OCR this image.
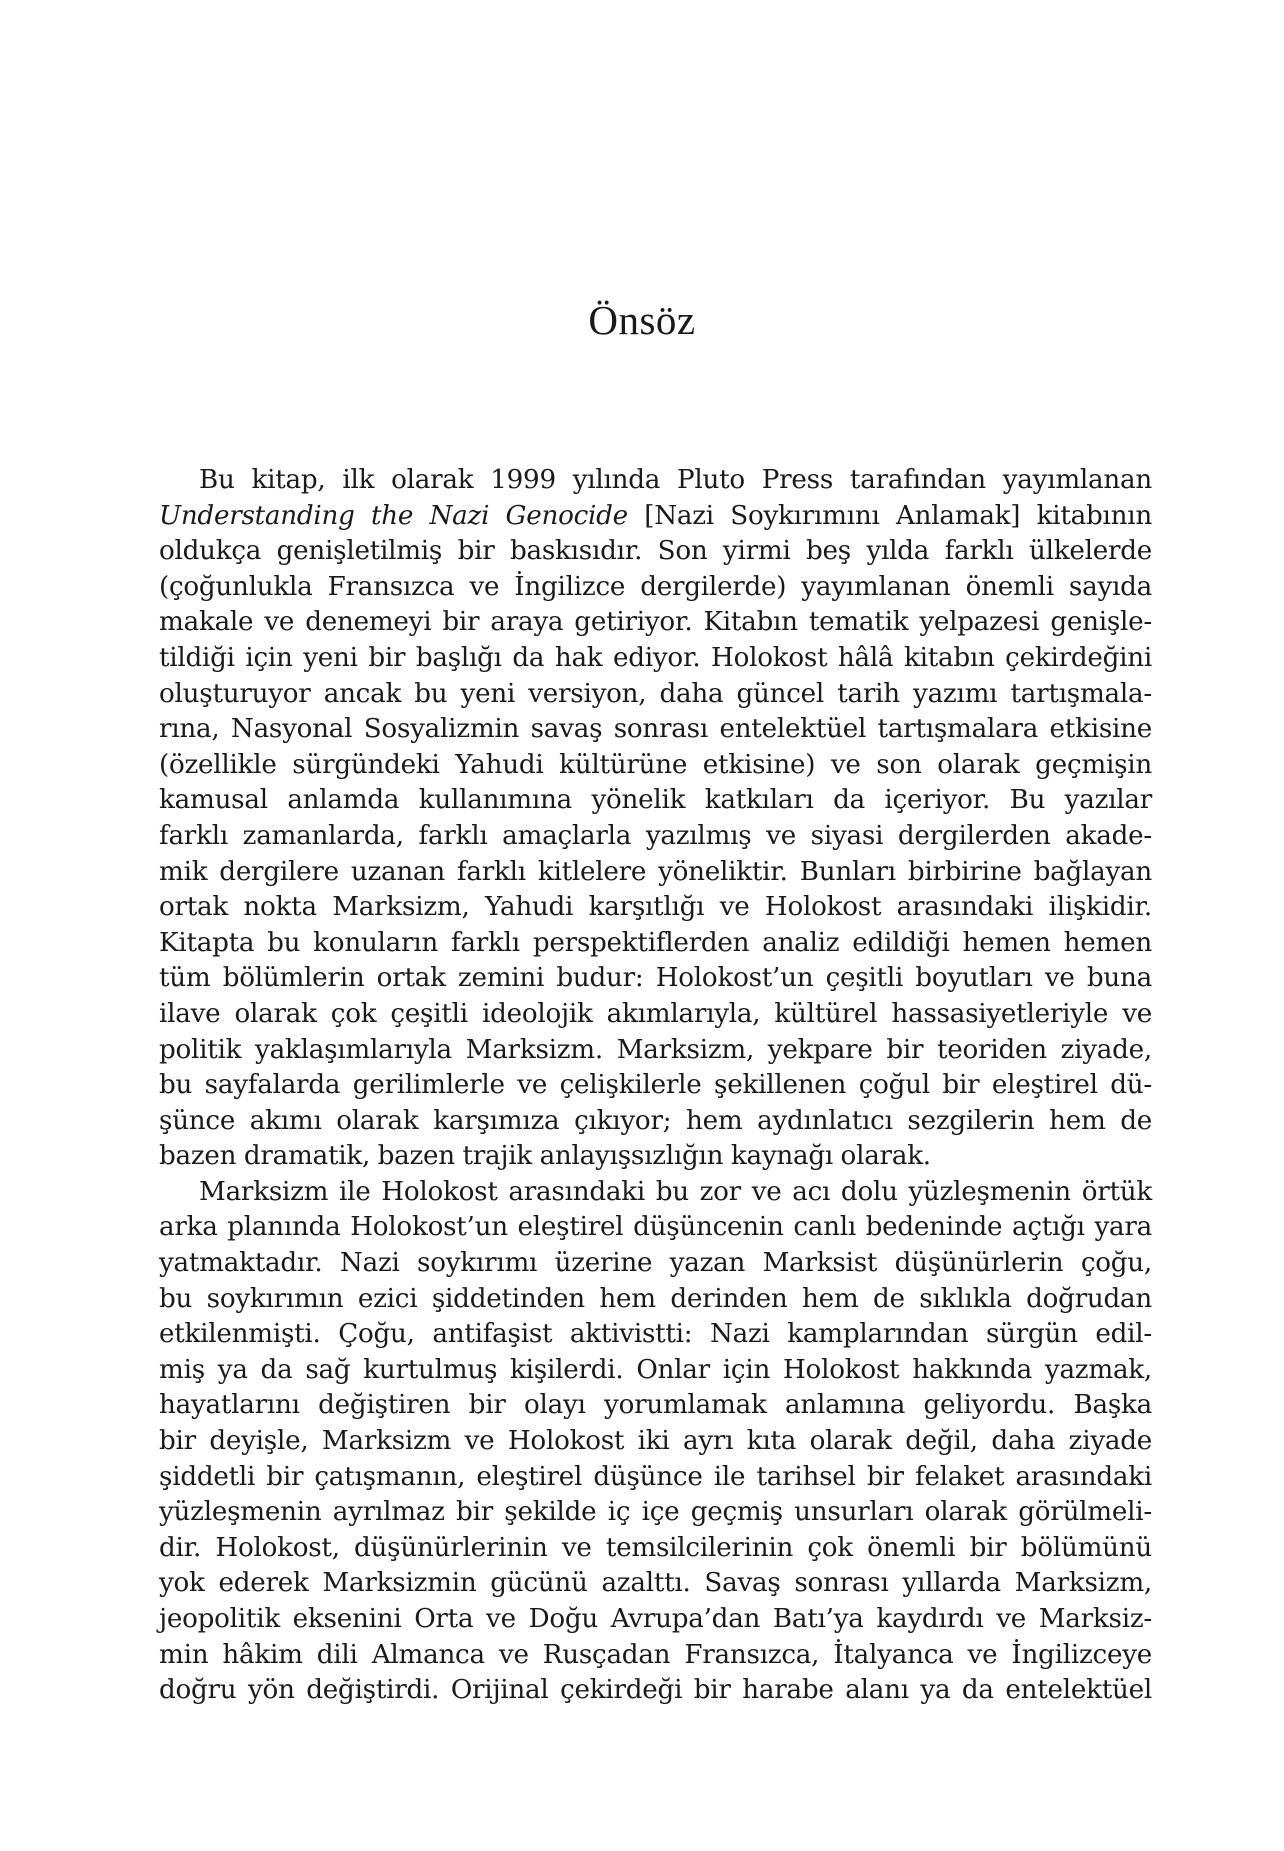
Önsöz
Bu kitap, ilk olarak 1999 yılında Pluto Press tarafından yayımlanan
Understanding the Nazi Genocide [Nazi Soykırımını Anlamak] kitabının
oldukça genişletilmiş bir baskısıdır. Son yirmi beş yılda farklı ülkelerde
(çoğunlukla Fransızca ve İngilizce dergilerde) yayımlanan önemli sayıda
makale ve denemeyi bir araya getiriyor. Kitabın tematik yelpazesi genişle-
tildiği için yeni bir başlığı da hak ediyor. Holokost hâlâ kitabın çekirdeğini
oluşturuyor ancak bu yeni versiyon, daha güncel tarih yazımı tartışmala-
rına, Nasyonal Sosyalizmin savaş sonrası entelektüel tartışmalara etkisine
(özellikle sürgündeki Yahudi kültürüne etkisine) ve son olarak geçmişin
kamusal anlamda kullanımına yönelik katkıları da içeriyor. Bu yazılar
farklı zamanlarda, farklı amaçlarla yazılmış ve siyasi dergilerden akade-
mik dergilere uzanan farklı kitlelere yöneliktir. Bunları birbirine bağlayan
ortak nokta Marksizm, Yahudi karşıtlığı ve Holokost arasındaki ilişkidir.
Kitapta bu konuların farklı perspektiflerden analiz edildiği hemen hemen
tüm bölümlerin ortak zemini budur: Holokost’un çeşitli boyutları ve buna
ilave olarak çok çeşitli ideolojik akımlarıyla, kültürel hassasiyetleriyle ve
politik yaklaşımlarıyla Marksizm. Marksizm, yekpare bir teoriden ziyade,
bu sayfalarda gerilimlerle ve çelişkilerle şekillenen çoğul bir eleştirel dü-
şünce akımı olarak karşımıza çıkıyor; hem aydınlatıcı sezgilerin hem de
bazen dramatik, bazen trajik anlayışsızlığın kaynağı olarak.
Marksizm ile Holokost arasındaki bu zor ve acı dolu yüzleşmenin örtük
arka planında Holokost’un eleştirel düşüncenin canlı bedeninde açtığı yara
yatmaktadır. Nazi soykırımı üzerine yazan Marksist düşünürlerin çoğu,
bu soykırımın ezici şiddetinden hem derinden hem de sıklıkla doğrudan
etkilenmişti. Çoğu, antifaşist aktivistti: Nazi kamplarından sürgün edil-
miş ya da sağ kurtulmuş kişilerdi. Onlar için Holokost hakkında yazmak,
hayatlarını değiştiren bir olayı yorumlamak anlamına geliyordu. Başka
bir deyişle, Marksizm ve Holokost iki ayrı kıta olarak değil, daha ziyade
şiddetli bir çatışmanın, eleştirel düşünce ile tarihsel bir felaket arasındaki
yüzleşmenin ayrılmaz bir şekilde iç içe geçmiş unsurları olarak görülmeli-
dir. Holokost, düşünürlerinin ve temsilcilerinin çok önemli bir bölümünü
yok ederek Marksizmin gücünü azalttı. Savaş sonrası yıllarda Marksizm,
jeopolitik eksenini Orta ve Doğu Avrupa’dan Batı’ya kaydırdı ve Marksiz-
min hâkim dili Almanca ve Rusçadan Fransızca, İtalyanca ve İngilizceye
doğru yön değiştirdi. Orijinal çekirdeği bir harabe alanı ya da entelektüel
